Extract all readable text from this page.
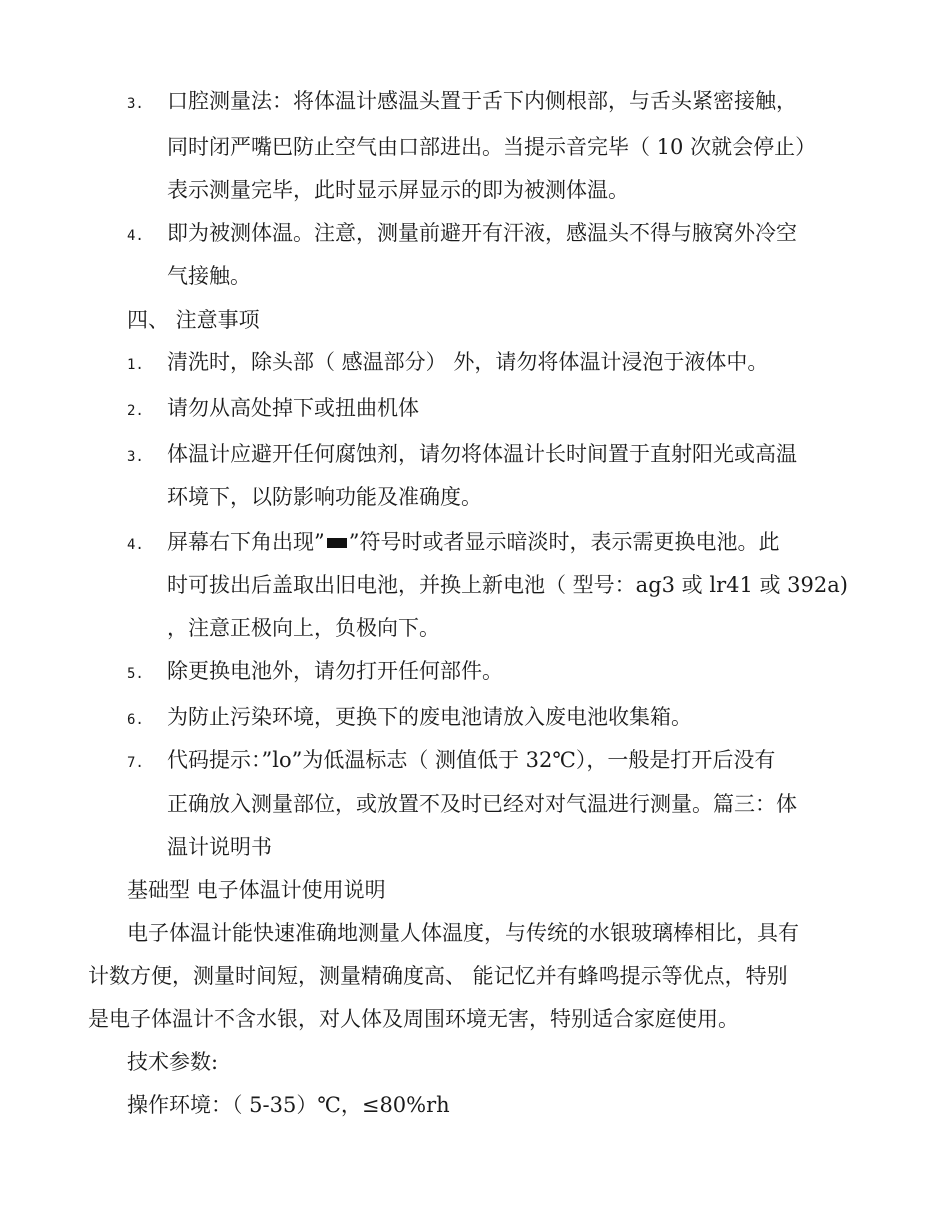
3. 口腔测量法：将体温计感温头置于舌下内侧根部，与舌头紧密接触，
同时闭严嘴巴防止空气由口部进出。当提示音完毕（ 10 次就会停止）
表示测量完毕，此时显示屏显示的即为被测体温。
4. 即为被测体温。注意，测量前避开有汗液，感温头不得与腋窝外冷空
气接触。
四、 注意事项
1. 清洗时，除头部（ 感温部分） 外，请勿将体温计浸泡于液体中。
2. 请勿从高处掉下或扭曲机体
3. 体温计应避开任何腐蚀剂，请勿将体温计长时间置于直射阳光或高温
环境下，以防影响功能及准确度。
4. 屏幕右下角出现” ”符号时或者显示暗淡时，表示需更换电池。此
时可拔出后盖取出旧电池，并换上新电池（ 型号：ag3 或 lr41 或 392a)
，注意正极向上，负极向下。
5. 除更换电池外，请勿打开任何部件。
6. 为防止污染环境，更换下的废电池请放入废电池收集箱。
7. 代码提示：”lo”为低温标志（ 测值低于 32℃），一般是打开后没有
正确放入测量部位，或放置不及时已经对对气温进行测量。篇三：体
温计说明书
基础型 电子体温计使用说明
电子体温计能快速准确地测量人体温度，与传统的水银玻璃棒相比，具有
计数方便，测量时间短，测量精确度高、 能记忆并有蜂鸣提示等优点，特别
是电子体温计不含水银，对人体及周围环境无害，特别适合家庭使用。
技术参数:
操作环境：（ 5-35）℃，≤80%rh
